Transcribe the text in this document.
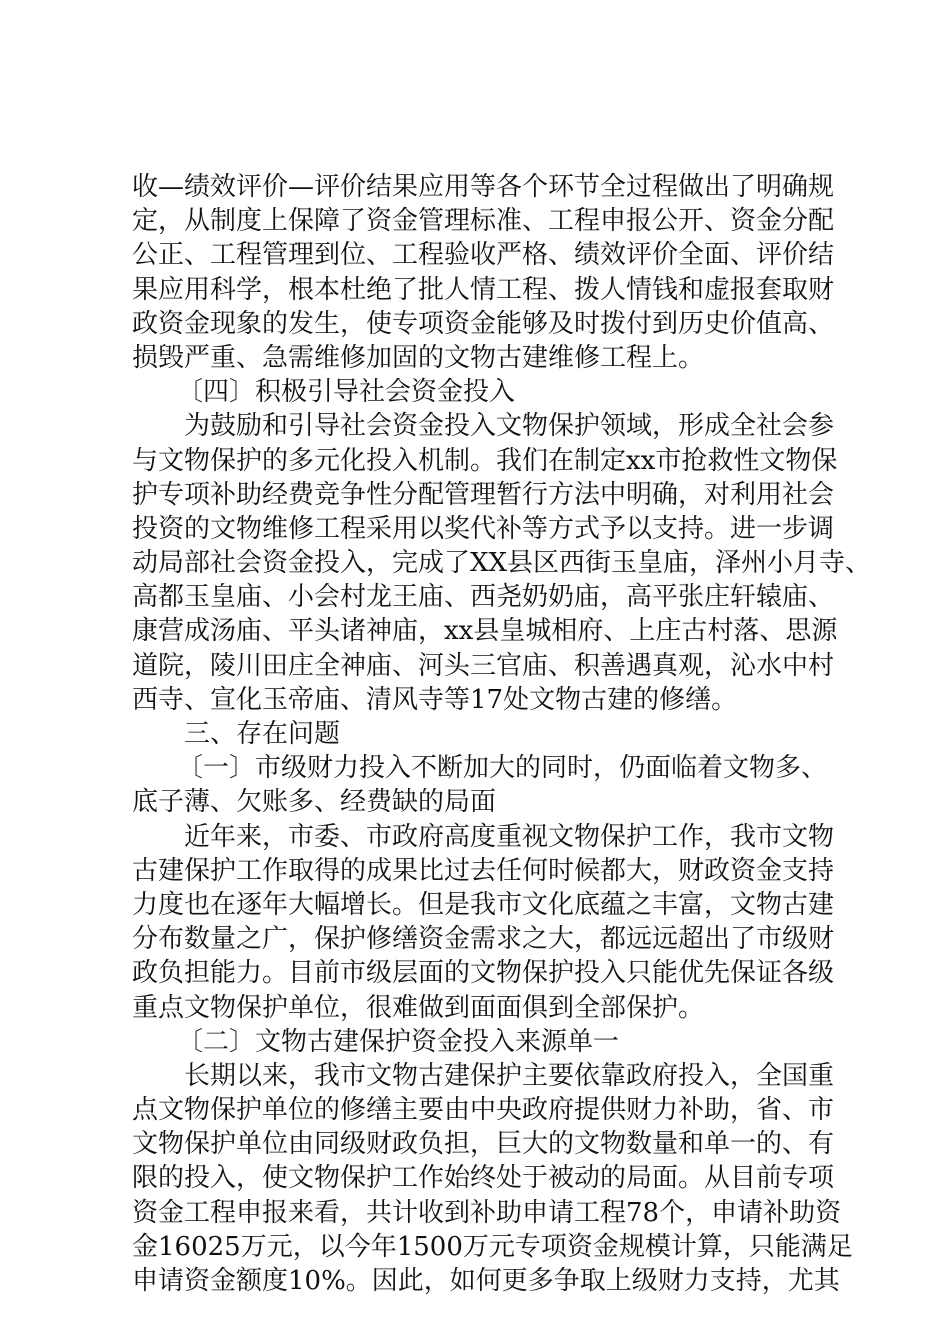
收—绩效评价—评价结果应用等各个环节全过程做出了明确规
定，从制度上保障了资金管理标准、工程申报公开、资金分配
公正、工程管理到位、工程验收严格、绩效评价全面、评价结
果应用科学，根本杜绝了批人情工程、拨人情钱和虚报套取财
政资金现象的发生，使专项资金能够及时拨付到历史价值高、
损毁严重、急需维修加固的文物古建维修工程上。
〔四〕积极引导社会资金投入
为鼓励和引导社会资金投入文物保护领域，形成全社会参
与文物保护的多元化投入机制。我们在制定xx市抢救性文物保
护专项补助经费竞争性分配管理暂行方法中明确，对利用社会
投资的文物维修工程采用以奖代补等方式予以支持。进一步调
动局部社会资金投入，完成了XX县区西街玉皇庙，泽州小月寺、
高都玉皇庙、小会村龙王庙、西尧奶奶庙，高平张庄轩辕庙、
康营成汤庙、平头诸神庙，xx县皇城相府、上庄古村落、思源
道院，陵川田庄全神庙、河头三官庙、积善遇真观，沁水中村
西寺、宣化玉帝庙、清风寺等17处文物古建的修缮。
三、存在问题
〔一〕市级财力投入不断加大的同时，仍面临着文物多、
底子薄、欠账多、经费缺的局面
近年来，市委、市政府高度重视文物保护工作，我市文物
古建保护工作取得的成果比过去任何时候都大，财政资金支持
力度也在逐年大幅增长。但是我市文化底蕴之丰富，文物古建
分布数量之广，保护修缮资金需求之大，都远远超出了市级财
政负担能力。目前市级层面的文物保护投入只能优先保证各级
重点文物保护单位，很难做到面面俱到全部保护。
〔二〕文物古建保护资金投入来源单一
长期以来，我市文物古建保护主要依靠政府投入，全国重
点文物保护单位的修缮主要由中央政府提供财力补助，省、市
文物保护单位由同级财政负担，巨大的文物数量和单一的、有
限的投入，使文物保护工作始终处于被动的局面。从目前专项
资金工程申报来看，共计收到补助申请工程78个，申请补助资
金16025万元，以今年1500万元专项资金规模计算，只能满足
申请资金额度10%。因此，如何更多争取上级财力支持，尤其
